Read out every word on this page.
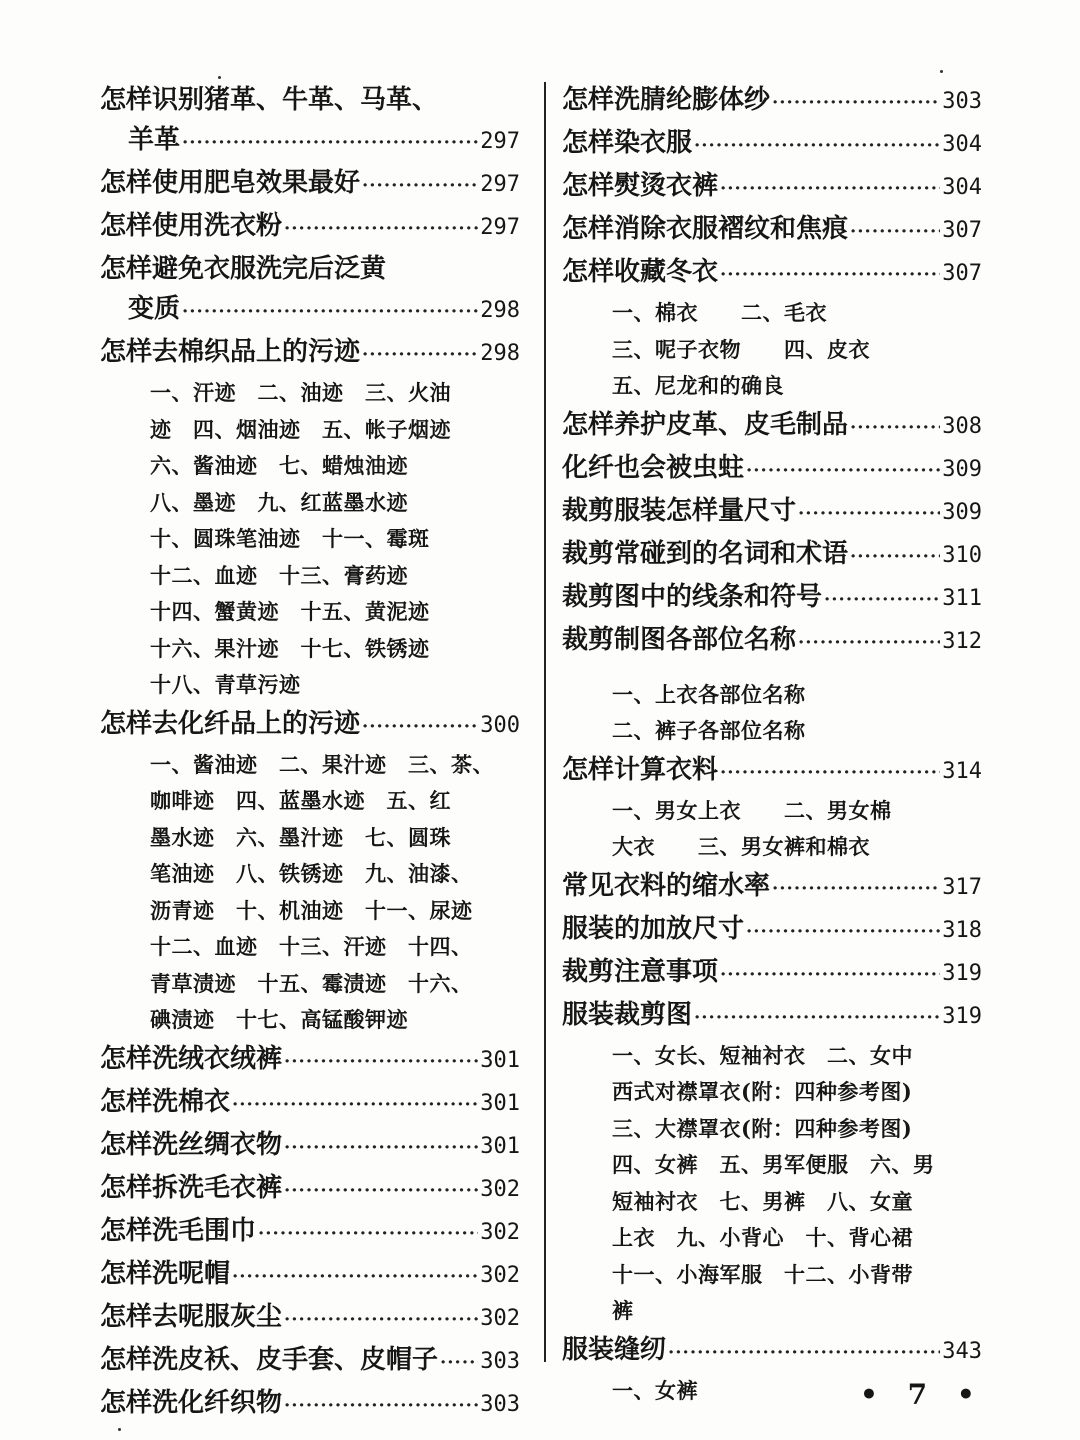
怎样识别猪革、牛革、马革、
羊革 ·····	297
怎样使用肥皂效果最好 ·····	297
怎样使用洗衣粉 ·····	297
怎样避免衣服洗完后泛黄
变质 ·····	298
怎样去棉织品上的污迹 ·····	298
一、汗迹　二、油迹　三、火油
迹　四、烟油迹　五、帐子烟迹
六、酱油迹　七、蜡烛油迹
八、墨迹　九、红蓝墨水迹
十、圆珠笔油迹　十一、霉斑
十二、血迹　十三、膏药迹
十四、蟹黄迹　十五、黄泥迹
十六、果汁迹　十七、铁锈迹
十八、青草污迹
怎样去化纤品上的污迹 ·····	300
一、酱油迹　二、果汁迹　三、茶、
咖啡迹　四、蓝墨水迹　五、红
墨水迹　六、墨汁迹　七、圆珠
笔油迹　八、铁锈迹　九、油漆、
沥青迹　十、机油迹　十一、尿迹
十二、血迹　十三、汗迹　十四、
青草渍迹　十五、霉渍迹　十六、
碘渍迹　十七、高锰酸钾迹
怎样洗绒衣绒裤 ·····	301
怎样洗棉衣 ·····	301
怎样洗丝绸衣物 ·····	301
怎样拆洗毛衣裤 ·····	302
怎样洗毛围巾 ·····	302
怎样洗呢帽 ·····	302
怎样去呢服灰尘 ·····	302
怎样洗皮袄、皮手套、皮帽子 ····· 303
怎样洗化纤织物 ·····	303
怎样洗腈纶膨体纱 ·····	303
怎样染衣服 ·····	304
怎样熨烫衣裤 ·····	304
怎样消除衣服褶纹和焦痕 ·····	307
怎样收藏冬衣 ·····	307
一、棉衣　　二、毛衣
三、呢子衣物　　四、皮衣
五、尼龙和的确良
怎样养护皮革、皮毛制品 ·····	308
化纤也会被虫蛀 ·····	309
裁剪服装怎样量尺寸 ·····	309
裁剪常碰到的名词和术语 ·····	310
裁剪图中的线条和符号 ·····	311
裁剪制图各部位名称 ·····	312
一、上衣各部位名称
二、裤子各部位名称
怎样计算衣料 ·····	314
一、男女上衣　　二、男女棉
大衣　　三、男女裤和棉衣
常见衣料的缩水率 ·····	317
服装的加放尺寸 ·····	318
裁剪注意事项 ·····	319
服装裁剪图 ·····	319
一、女长、短袖衬衣　二、女中
西式对襟罩衣(附：四种参考图)
三、大襟罩衣(附：四种参考图)
四、女裤　五、男军便服　六、男
短袖衬衣　七、男裤　八、女童
上衣　九、小背心　十、背心裙
十一、小海军服　十二、小背带
裤
服装缝纫 ·····	343
一、女裤	• 7 •
